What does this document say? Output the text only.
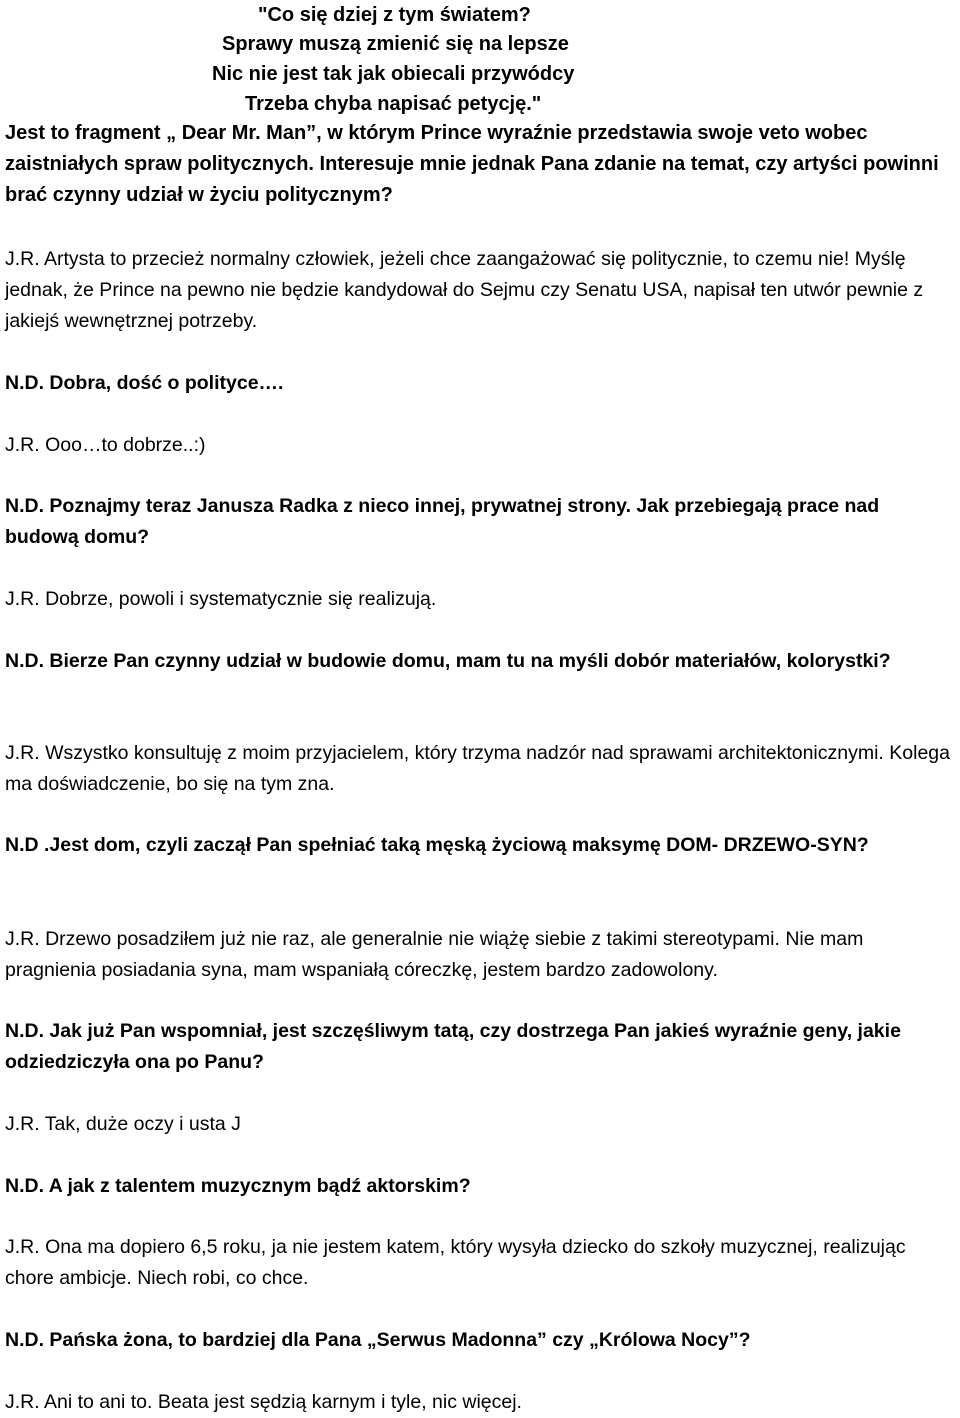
"Co się dziej z tym światem?
Sprawy muszą zmienić się na lepsze
Nic nie jest tak jak obiecali przywódcy
Trzeba chyba napisać petycję."

Jest to fragment „ Dear Mr. Man”, w którym Prince wyraźnie przedstawia swoje veto wobec zaistniałych spraw politycznych. Interesuje mnie jednak Pana zdanie na temat, czy artyści powinni brać czynny udział w życiu politycznym?

J.R. Artysta to przecież normalny człowiek, jeżeli chce zaangażować się politycznie, to czemu nie! Myślę jednak, że Prince na pewno nie będzie kandydował do Sejmu czy Senatu USA, napisał ten utwór pewnie z jakiejś wewnętrznej potrzeby.

N.D. Dobra, dość o polityce….

J.R. Ooo…to dobrze..:)

N.D. Poznajmy teraz Janusza Radka z nieco innej, prywatnej strony. Jak przebiegają prace nad budową domu?

J.R. Dobrze, powoli i systematycznie się realizują.

N.D. Bierze Pan czynny udział w budowie domu, mam tu na myśli dobór materiałów, kolorystki?

J.R. Wszystko konsultuję z moim przyjacielem, który trzyma nadzór nad sprawami architektonicznymi. Kolega ma doświadczenie, bo się na tym zna.

N.D .Jest dom, czyli zaczął Pan spełniać taką męską życiową maksymę DOM- DRZEWO-SYN?

J.R. Drzewo posadziłem już nie raz, ale generalnie nie wiążę siebie z takimi stereotypami. Nie mam pragnienia posiadania syna, mam wspaniałą córeczkę, jestem bardzo zadowolony.

N.D. Jak już Pan wspomniał, jest szczęśliwym tatą, czy dostrzega Pan jakieś wyraźnie geny, jakie odziedziczyła ona po Panu?

J.R. Tak, duże oczy i usta J

N.D. A jak z talentem muzycznym bądź aktorskim?

J.R. Ona ma dopiero 6,5 roku, ja nie jestem katem, który wysyła dziecko do szkoły muzycznej, realizując chore ambicje. Niech robi, co chce.

N.D. Pańska żona, to bardziej dla Pana „Serwus Madonna” czy „Królowa Nocy”?

J.R. Ani to ani to. Beata jest sędzią karnym i tyle, nic więcej.
